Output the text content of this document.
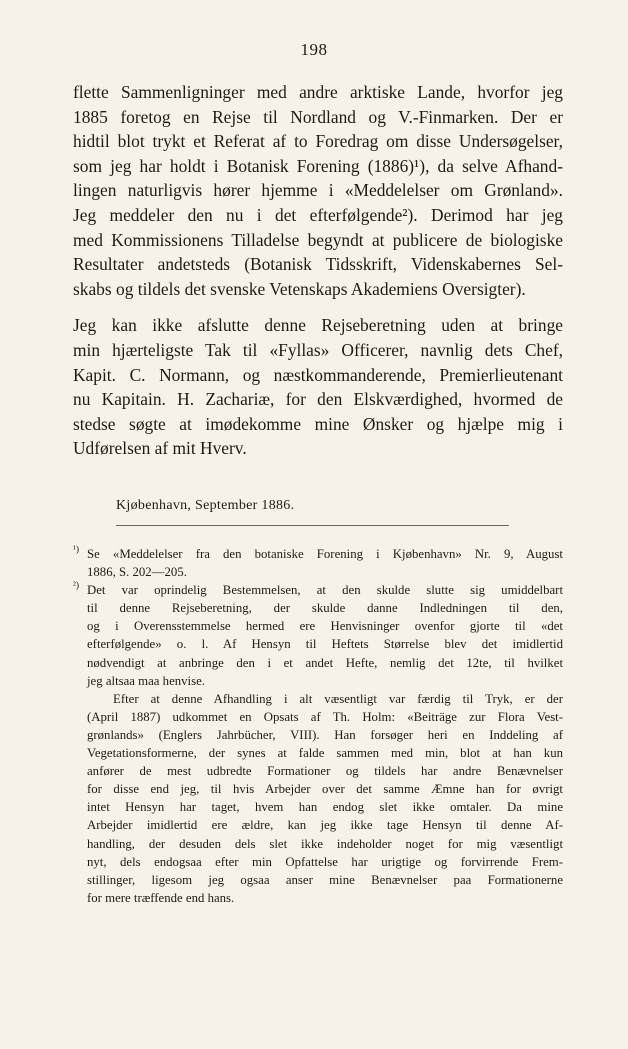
198
flette Sammenligninger med andre arktiske Lande, hvorfor jeg
1885 foretog en Rejse til Nordland og V.-Finmarken. Der er
hidtil blot trykt et Referat af to Foredrag om disse Undersøgelser,
som jeg har holdt i Botanisk Forening (1886)¹), da selve Afhand-
lingen naturligvis hører hjemme i «Meddelelser om Grønland».
Jeg meddeler den nu i det efterfølgende²). Derimod har jeg
med Kommissionens Tilladelse begyndt at publicere de biologiske
Resultater andetsteds (Botanisk Tidsskrift, Videnskabernes Sel-
skabs og tildels det svenske Vetenskaps Akademiens Oversigter).
Jeg kan ikke afslutte denne Rejseberetning uden at bringe
min hjærteligste Tak til «Fyllas» Officerer, navnlig dets Chef,
Kapit. C. Normann, og næstkommanderende, Premierlieutenant
nu Kapitain. H. Zachariæ, for den Elskværdighed, hvormed de
stedse søgte at imødekomme mine Ønsker og hjælpe mig i
Udførelsen af mit Hverv.
Kjøbenhavn, September 1886.
¹) Se «Meddelelser fra den botaniske Forening i Kjøbenhavn» Nr. 9, August
1886, S. 202—205.
²) Det var oprindelig Bestemmelsen, at den skulde slutte sig umiddelbart
til denne Rejseberetning, der skulde danne Indledningen til den,
og i Overensstemmelse hermed ere Henvisninger ovenfor gjorte til «det
efterfølgende» o. l. Af Hensyn til Heftets Størrelse blev det imidlertid
nødvendigt at anbringe den i et andet Hefte, nemlig det 12te, til hvilket
jeg altsaa maa henvise.
Efter at denne Afhandling i alt væsentligt var færdig til Tryk, er der
(April 1887) udkommet en Opsats af Th. Holm: «Beiträge zur Flora Vest-
grønlands» (Englers Jahrbücher, VIII). Han forsøger heri en Inddeling af
Vegetationsformerne, der synes at falde sammen med min, blot at han kun
anfører de mest udbredte Formationer og tildels har andre Benævnelser
for disse end jeg, til hvis Arbejder over det samme Æmne han for øvrigt
intet Hensyn har taget, hvem han endog slet ikke omtaler. Da mine
Arbejder imidlertid ere ældre, kan jeg ikke tage Hensyn til denne Af-
handling, der desuden dels slet ikke indeholder noget for mig væsentligt
nyt, dels endogsaa efter min Opfattelse har urigtige og forvirrende Frem-
stillinger, ligesom jeg ogsaa anser mine Benævnelser paa Formationerne
for mere træffende end hans.
